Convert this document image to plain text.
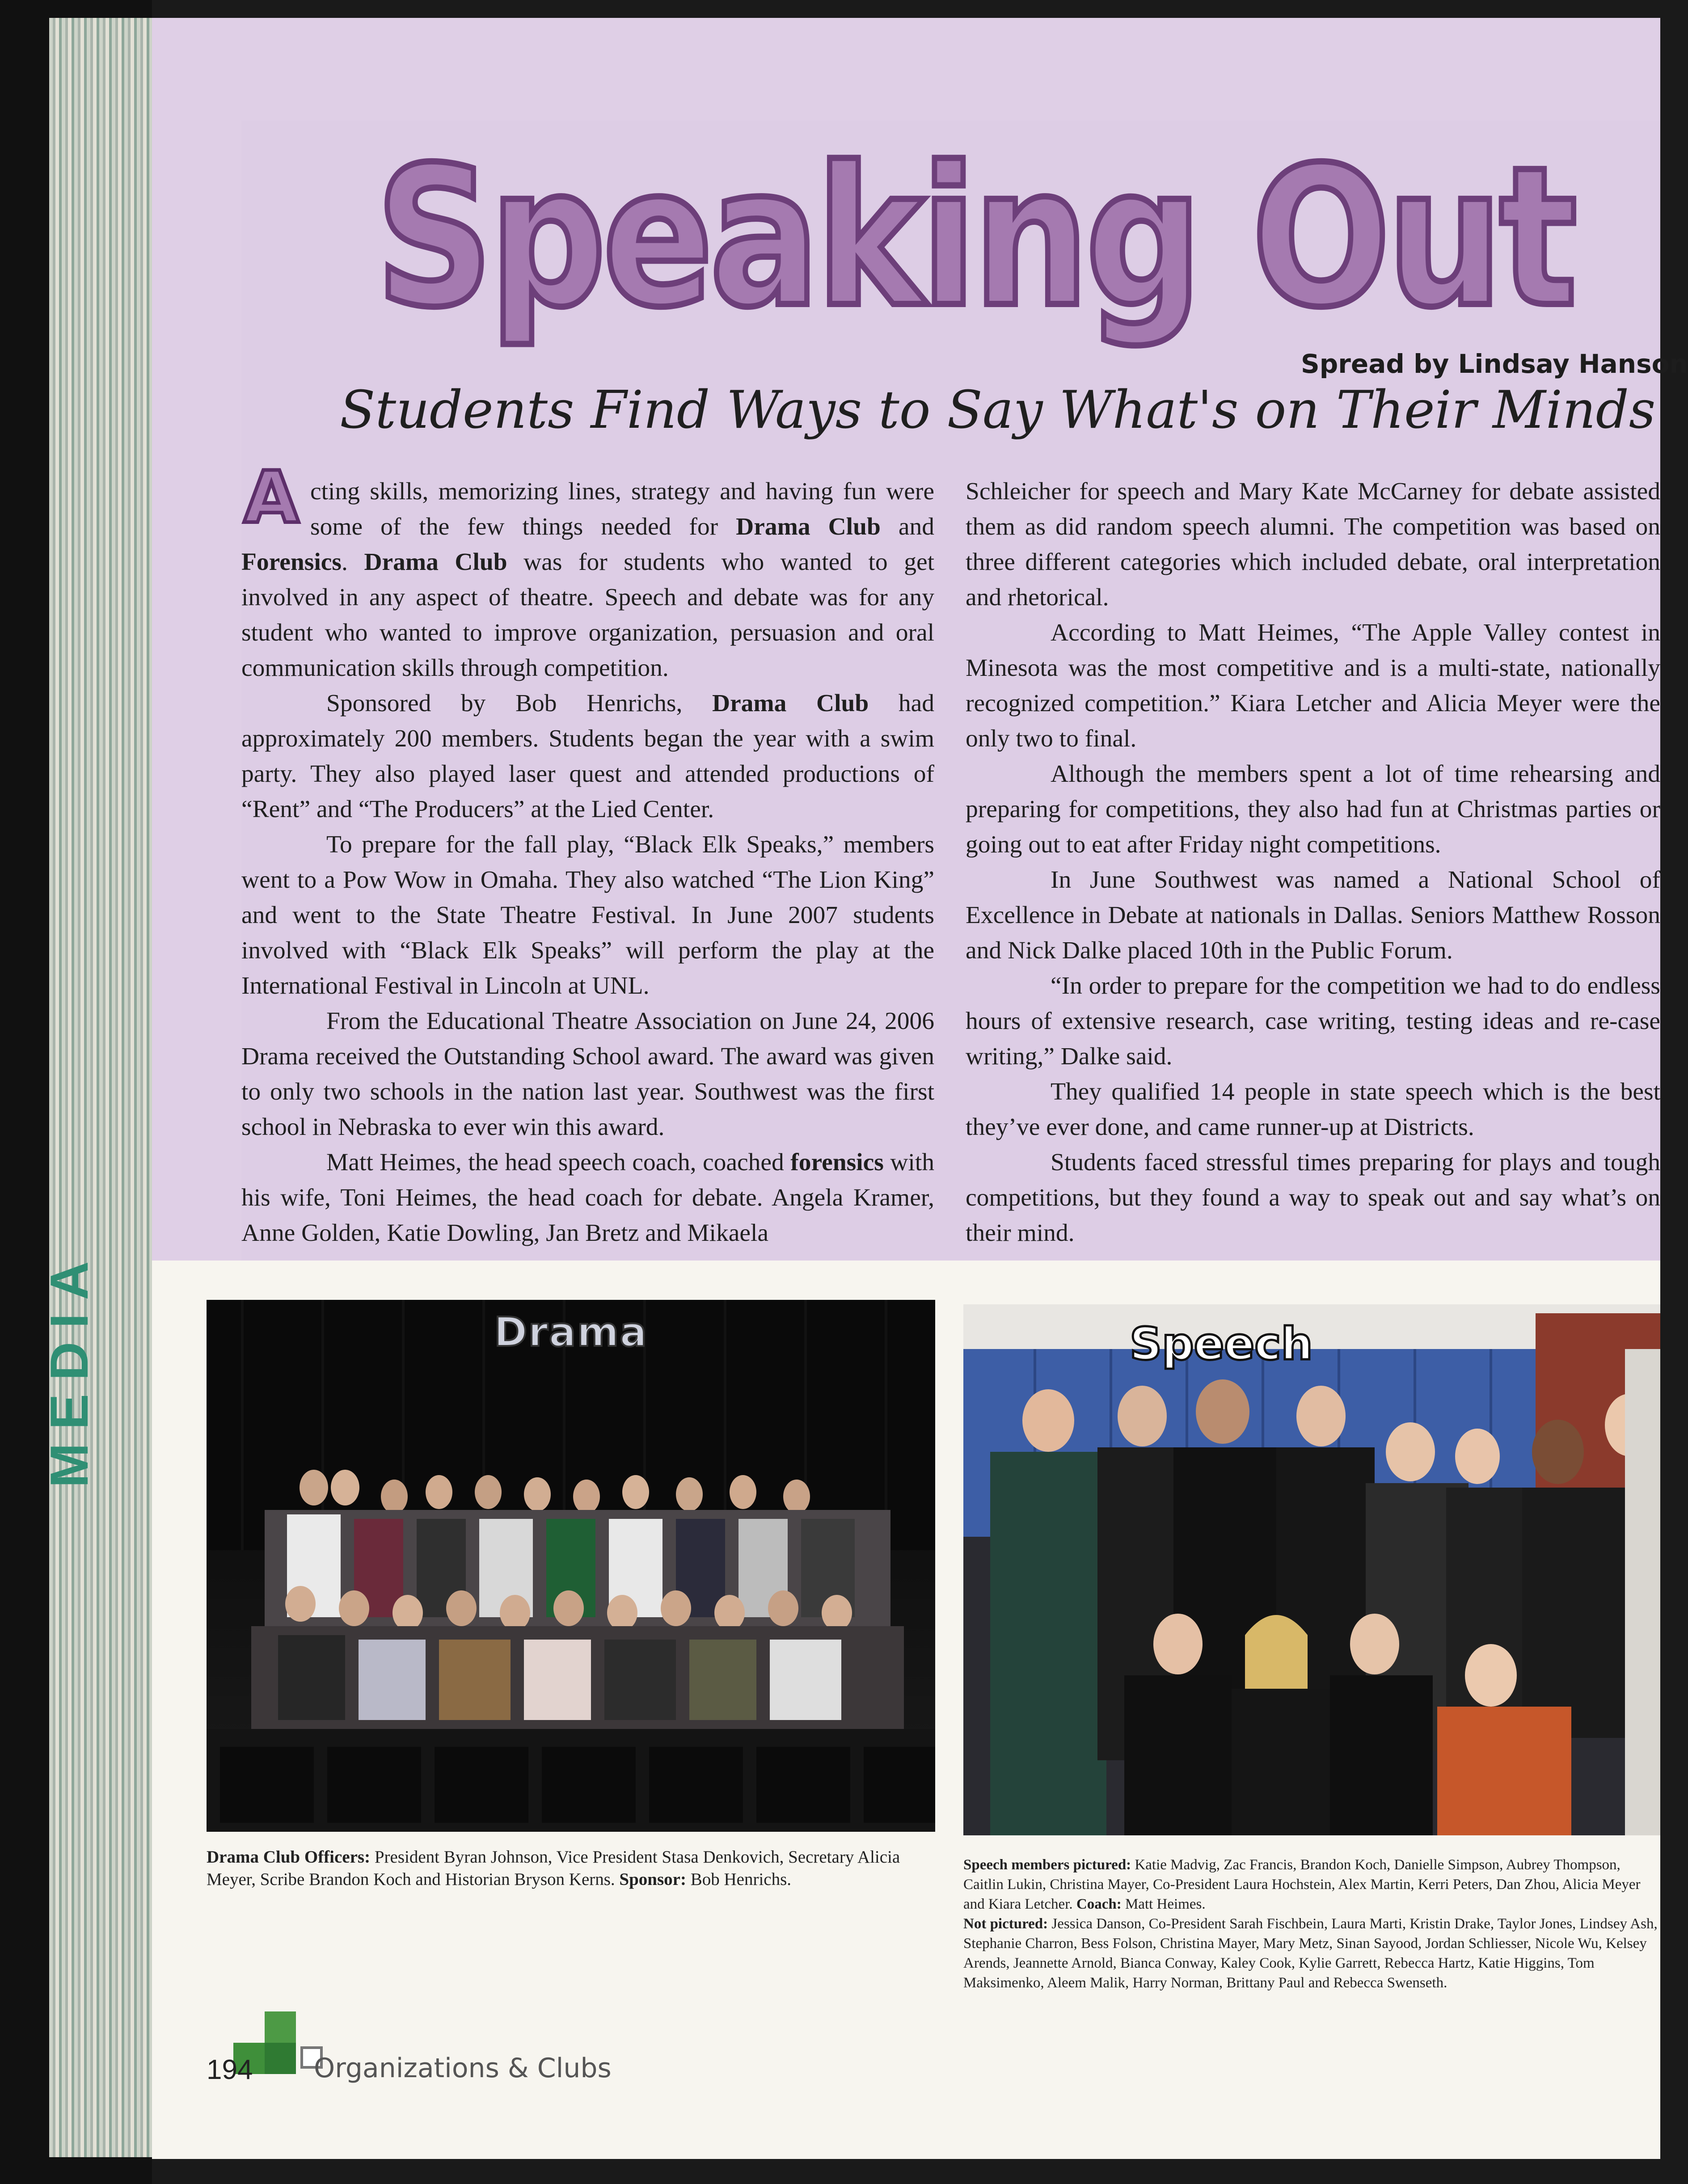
MEDIA
Speaking Out
Spread by Lindsay Hanson
Students Find Ways to Say What's on Their Minds
A cting skills, memorizing lines, strategy and having fun were some of the few things needed for Drama Club and Forensics. Drama Club was for students who wanted to get involved in any aspect of theatre. Speech and debate was for any student who wanted to improve organization, persuasion and oral communication skills through competition.

Sponsored by Bob Henrichs, Drama Club had approximately 200 members. Students began the year with a swim party. They also played laser quest and attended productions of “Rent” and “The Producers” at the Lied Center.

To prepare for the fall play, “Black Elk Speaks,” members went to a Pow Wow in Omaha. They also watched “The Lion King” and went to the State Theatre Festival. In June 2007 students involved with “Black Elk Speaks” will perform the play at the International Festival in Lincoln at UNL.

From the Educational Theatre Association on June 24, 2006 Drama received the Outstanding School award. The award was given to only two schools in the nation last year. Southwest was the first school in Nebraska to ever win this award.

Matt Heimes, the head speech coach, coached forensics with his wife, Toni Heimes, the head coach for debate. Angela Kramer, Anne Golden, Katie Dowling, Jan Bretz and Mikaela

Schleicher for speech and Mary Kate McCarney for debate assisted them as did random speech alumni. The competition was based on three different categories which included debate, oral interpretation and rhetorical.

According to Matt Heimes, “The Apple Valley contest in Minesota was the most competitive and is a multi-state, nationally recognized competition.” Kiara Letcher and Alicia Meyer were the only two to final.

Although the members spent a lot of time rehearsing and preparing for competitions, they also had fun at Christmas parties or going out to eat after Friday night competitions.

In June Southwest was named a National School of Excellence in Debate at nationals in Dallas. Seniors Matthew Rosson and Nick Dalke placed 10th in the Public Forum.

“In order to prepare for the competition we had to do endless hours of extensive research, case writing, testing ideas and re-case writing,” Dalke said.

They qualified 14 people in state speech which is the best they’ve ever done, and came runner-up at Districts.

Students faced stressful times preparing for plays and tough competitions, but they found a way to speak out and say what’s on their mind.

Drama	Speech
Drama Club Officers: President Byran Johnson, Vice President Stasa Denkovich, Secretary Alicia Meyer, Scribe Brandon Koch and Historian Bryson Kerns. Sponsor: Bob Henrichs.
Speech members pictured: Katie Madvig, Zac Francis, Brandon Koch, Danielle Simpson, Aubrey Thompson, Caitlin Lukin, Christina Mayer, Co-President Laura Hochstein, Alex Martin, Kerri Peters, Dan Zhou, Alicia Meyer and Kiara Letcher. Coach: Matt Heimes.
Not pictured: Jessica Danson, Co-President Sarah Fischbein, Laura Marti, Kristin Drake, Taylor Jones, Lindsey Ash, Stephanie Charron, Bess Folson, Christina Mayer, Mary Metz, Sinan Sayood, Jordan Schliesser, Nicole Wu, Kelsey Arends, Jeannette Arnold, Bianca Conway, Kaley Cook, Kylie Garrett, Rebecca Hartz, Katie Higgins, Tom Maksimenko, Aleem Malik, Harry Norman, Brittany Paul and Rebecca Swenseth.
194 Organizations & Clubs
